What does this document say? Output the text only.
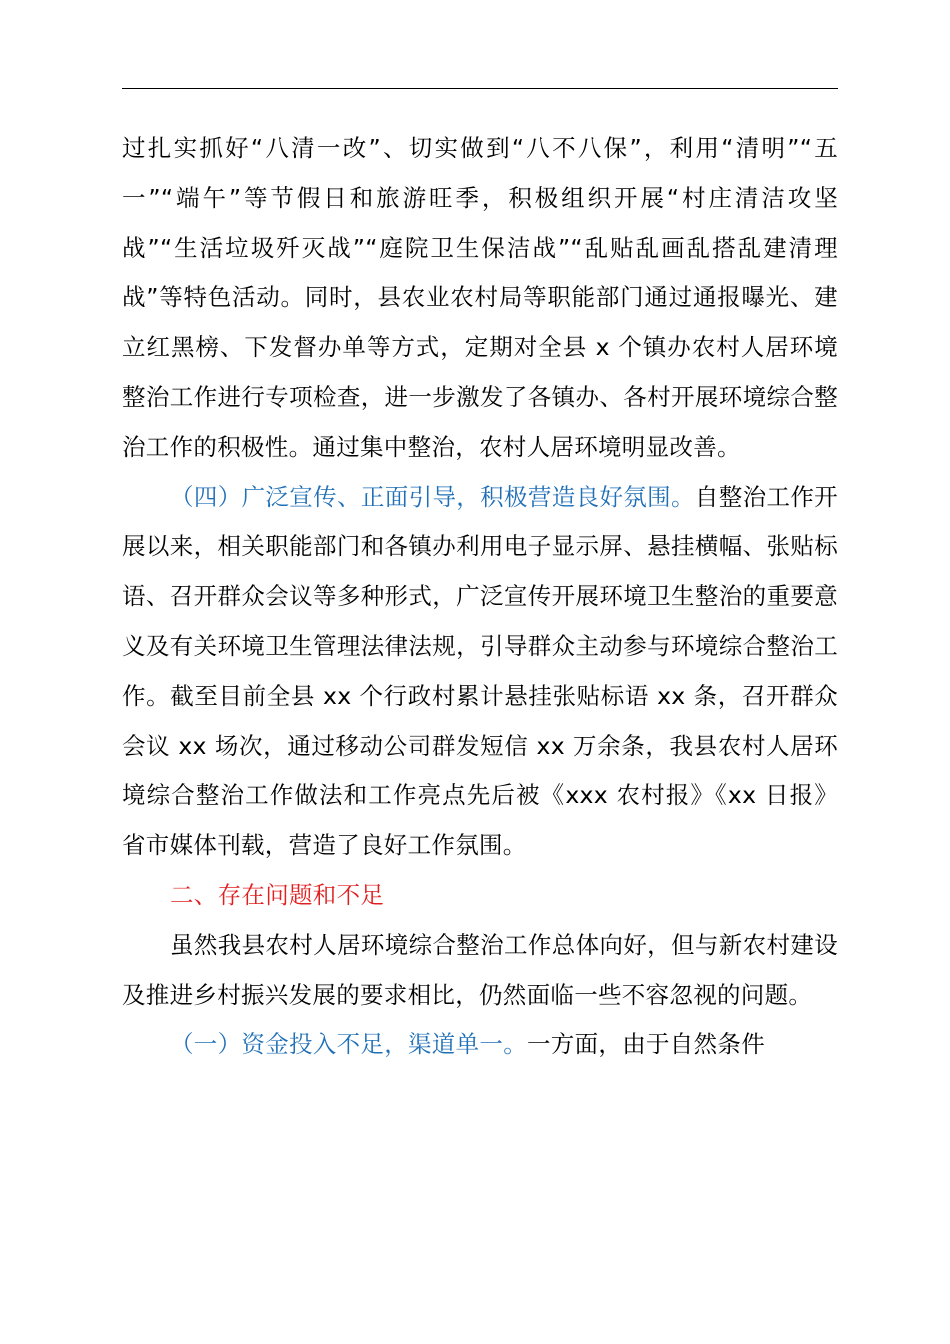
过扎实抓好“八清一改”、切实做到“八不八保”，利用“清明”“五一”“端午”等节假日和旅游旺季，积极组织开展“村庄清洁攻坚战”“生活垃圾歼灭战”“庭院卫生保洁战”“乱贴乱画乱搭乱建清理战”等特色活动。同时，县农业农村局等职能部门通过通报曝光、建立红黑榜、下发督办单等方式，定期对全县 x 个镇办农村人居环境整治工作进行专项检查，进一步激发了各镇办、各村开展环境综合整治工作的积极性。通过集中整治，农村人居环境明显改善。

（四）广泛宣传、正面引导，积极营造良好氛围。自整治工作开展以来，相关职能部门和各镇办利用电子显示屏、悬挂横幅、张贴标语、召开群众会议等多种形式，广泛宣传开展环境卫生整治的重要意义及有关环境卫生管理法律法规，引导群众主动参与环境综合整治工作。截至目前全县 xx 个行政村累计悬挂张贴标语 xx 条，召开群众会议 xx 场次，通过移动公司群发短信 xx 万余条，我县农村人居环境综合整治工作做法和工作亮点先后被《xxx 农村报》《xx 日报》省市媒体刊载，营造了良好工作氛围。

二、存在问题和不足

虽然我县农村人居环境综合整治工作总体向好，但与新农村建设及推进乡村振兴发展的要求相比，仍然面临一些不容忽视的问题。

（一）资金投入不足，渠道单一。一方面，由于自然条件
